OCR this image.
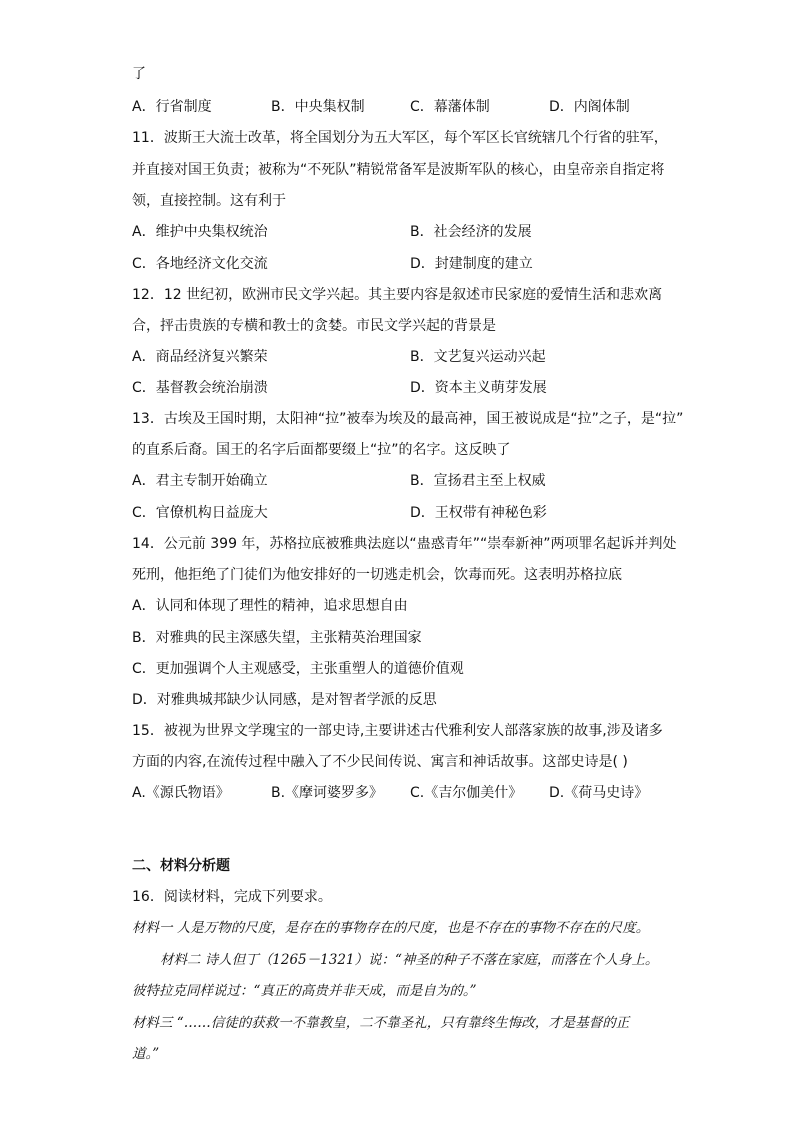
了
A．行省制度	B．中央集权制	C．幕藩体制	D．内阁体制
11．波斯王大流士改革，将全国划分为五大军区，每个军区长官统辖几个行省的驻军，
并直接对国王负责；被称为“不死队”精锐常备军是波斯军队的核心，由皇帝亲自指定将
领，直接控制。这有利于
A．维护中央集权统治	B．社会经济的发展
C．各地经济文化交流	D．封建制度的建立
12．12 世纪初，欧洲市民文学兴起。其主要内容是叙述市民家庭的爱情生活和悲欢离
合，抨击贵族的专横和教士的贪婪。市民文学兴起的背景是
A．商品经济复兴繁荣	B．文艺复兴运动兴起
C．基督教会统治崩溃	D．资本主义萌芽发展
13．古埃及王国时期，太阳神“拉”被奉为埃及的最高神，国王被说成是“拉”之子，是“拉”
的直系后裔。国王的名字后面都要缀上“拉”的名字。这反映了
A．君主专制开始确立	B．宣扬君主至上权威
C．官僚机构日益庞大	D．王权带有神秘色彩
14．公元前 399 年，苏格拉底被雅典法庭以“蛊惑青年”“崇奉新神”两项罪名起诉并判处
死刑，他拒绝了门徒们为他安排好的一切逃走机会，饮毒而死。这表明苏格拉底
A．认同和体现了理性的精神，追求思想自由
B．对雅典的民主深感失望，主张精英治理国家
C．更加强调个人主观感受，主张重塑人的道德价值观
D．对雅典城邦缺少认同感，是对智者学派的反思
15．被视为世界文学瑰宝的一部史诗,主要讲述古代雅利安人部落家族的故事,涉及诸多
方面的内容,在流传过程中融入了不少民间传说、寓言和神话故事。这部史诗是( )
A.《源氏物语》	B.《摩诃婆罗多》 C.《吉尔伽美什》 D.《荷马史诗》
二、材料分析题
16．阅读材料，完成下列要求。
材料一 人是万物的尺度，是存在的事物存在的尺度，也是不存在的事物不存在的尺度。
材料二 诗人但丁（1265－1321）说：“神圣的种子不落在家庭，而落在个人身上。
彼特拉克同样说过：“真正的高贵并非天成，而是自为的。”
材料三 “……信徒的获救一不靠教皇，二不靠圣礼，只有靠终生悔改，才是基督的正
道。”
